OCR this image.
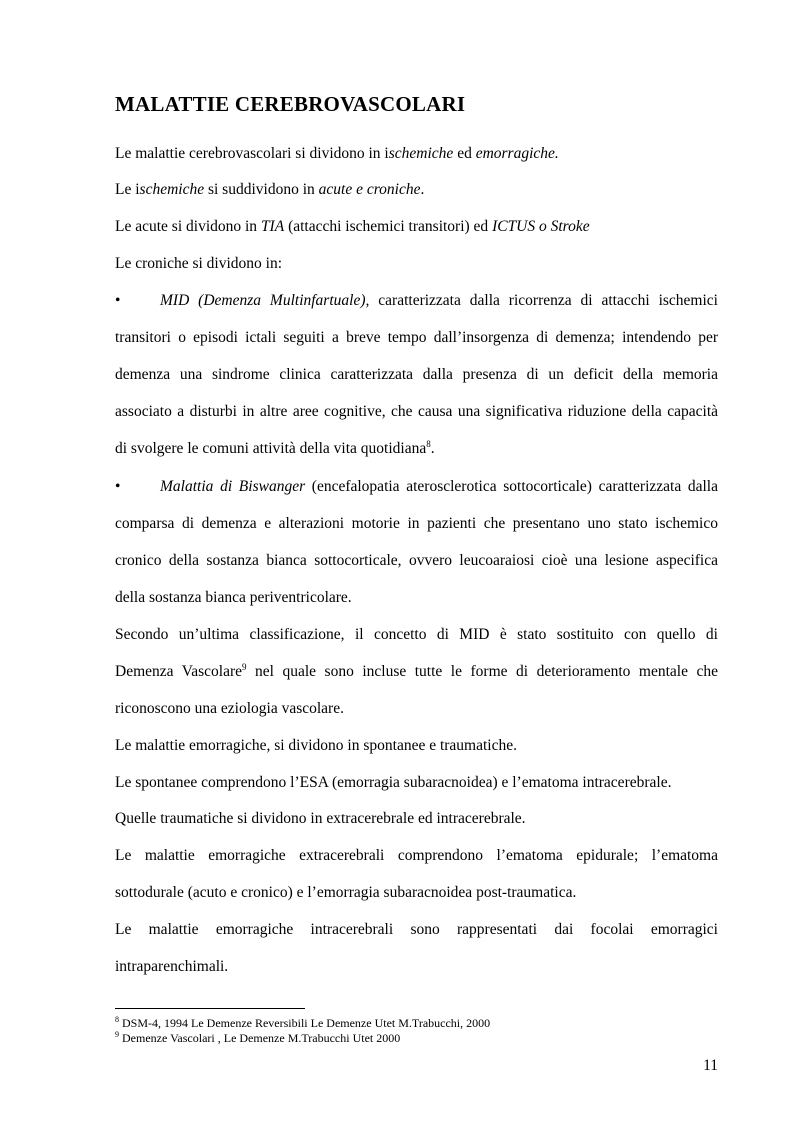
MALATTIE CEREBROVASCOLARI
Le malattie cerebrovascolari si dividono in ischemiche ed emorragiche.
Le ischemiche si suddividono in acute e croniche.
Le acute si dividono in TIA (attacchi ischemici transitori) ed ICTUS o Stroke
Le croniche si dividono in:
•	MID (Demenza Multinfartuale), caratterizzata dalla ricorrenza di attacchi ischemici
transitori o episodi ictali seguiti a breve tempo dall’insorgenza di demenza; intendendo per
demenza una sindrome clinica caratterizzata dalla presenza di un deficit della memoria
associato a disturbi in altre aree cognitive, che causa una significativa riduzione della capacità
di svolgere le comuni attività della vita quotidiana$^8$.
•	Malattia di Biswanger (encefalopatia aterosclerotica sottocorticale) caratterizzata dalla
comparsa di demenza e alterazioni motorie in pazienti che presentano uno stato ischemico
cronico della sostanza bianca sottocorticale, ovvero leucoaraiosi cioè una lesione aspecifica
della sostanza bianca periventricolare.
Secondo un’ultima classificazione, il concetto di MID è stato sostituito con quello di
Demenza Vascolare$^9$ nel quale sono incluse tutte le forme di deterioramento mentale che
riconoscono una eziologia vascolare.
Le malattie emorragiche, si dividono in spontanee e traumatiche.
Le spontanee comprendono l’ESA (emorragia subaracnoidea) e l’ematoma intracerebrale.
Quelle traumatiche si dividono in extracerebrale ed intracerebrale.
Le malattie emorragiche extracerebrali comprendono l’ematoma epidurale; l’ematoma
sottodurale (acuto e cronico) e l’emorragia subaracnoidea post-traumatica.
Le malattie emorragiche intracerebrali sono rappresentati dai focolai emorragici
intraparenchimali.
$^8$ DSM-4, 1994 Le Demenze Reversibili Le Demenze Utet M.Trabucchi, 2000
$^9$ Demenze Vascolari , Le Demenze M.Trabucchi Utet 2000
11
